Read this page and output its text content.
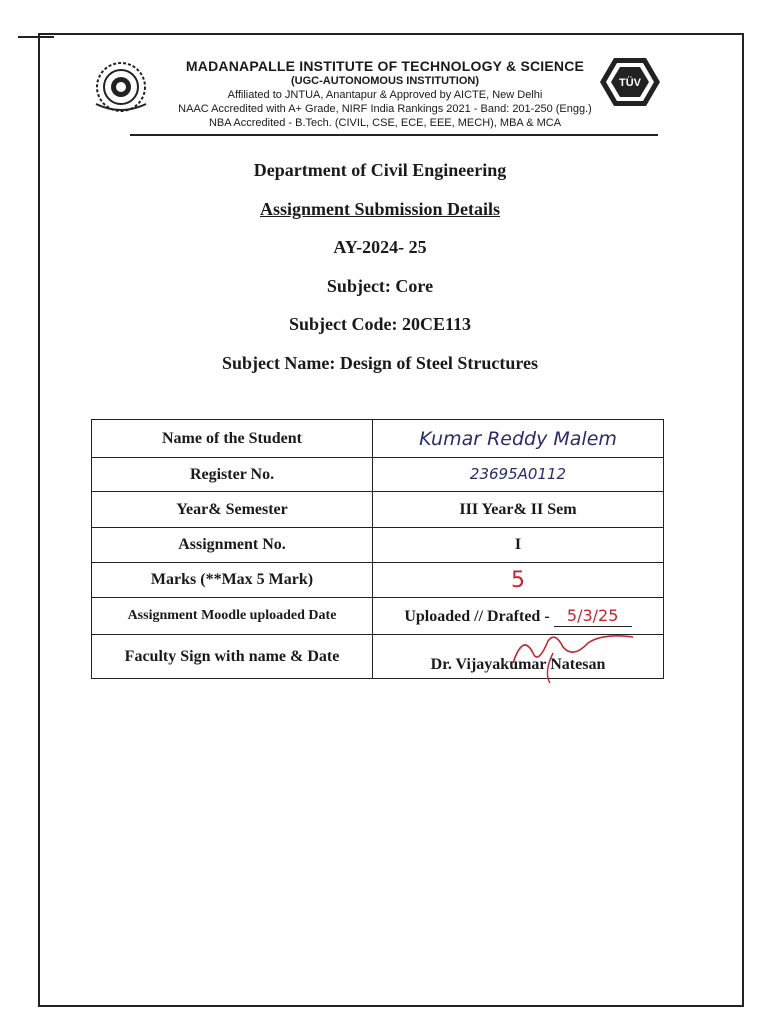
TÜV
MADANAPALLE INSTITUTE OF TECHNOLOGY & SCIENCE
(UGC-AUTONOMOUS INSTITUTION)
Affiliated to JNTUA, Anantapur & Approved by AICTE, New Delhi
NAAC Accredited with A+ Grade, NIRF India Rankings 2021 - Band: 201-250 (Engg.)
NBA Accredited - B.Tech. (CIVIL, CSE, ECE, EEE, MECH), MBA & MCA
Department of Civil Engineering
Assignment Submission Details
AY-2024- 25
Subject: Core
Subject Code: 20CE113
Subject Name: Design of Steel Structures
Name of the Student	Kumar Reddy Malem
Register No.	23695A0112
Year& Semester	III Year& II Sem
Assignment No.	I
Marks (**Max 5 Mark)	5
Assignment Moodle uploaded Date	Uploaded // Drafted - 5/3/25
Faculty Sign with name & Date	Dr. Vijayakumar Natesan
